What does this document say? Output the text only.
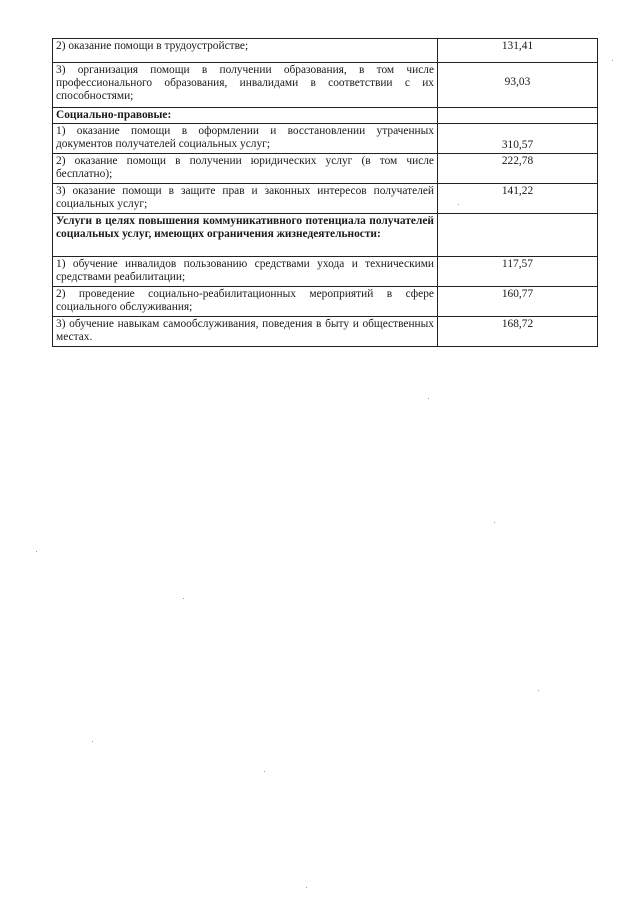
2) оказание помощи в трудоустройстве;	131,41
3) организация помощи в получении образования, в том числе профессионального образования, инвалидами в соответствии с их способностями;	93,03
Социально-правовые:	
1) оказание помощи в оформлении и восстановлении утраченных документов получателей социальных услуг;	310,57
2) оказание помощи в получении юридических услуг (в том числе бесплатно);	222,78
3) оказание помощи в защите прав и законных интересов получателей социальных услуг;	141,22
Услуги в целях повышения коммуникативного потенциала получателей социальных услуг, имеющих ограничения жизнедеятельности:	
1) обучение инвалидов пользованию средствами ухода и техническими средствами реабилитации;	117,57
2) проведение социально-реабилитационных мероприятий в сфере социального обслуживания;	160,77
3) обучение навыкам самообслуживания, поведения в быту и общественных местах.	168,72
